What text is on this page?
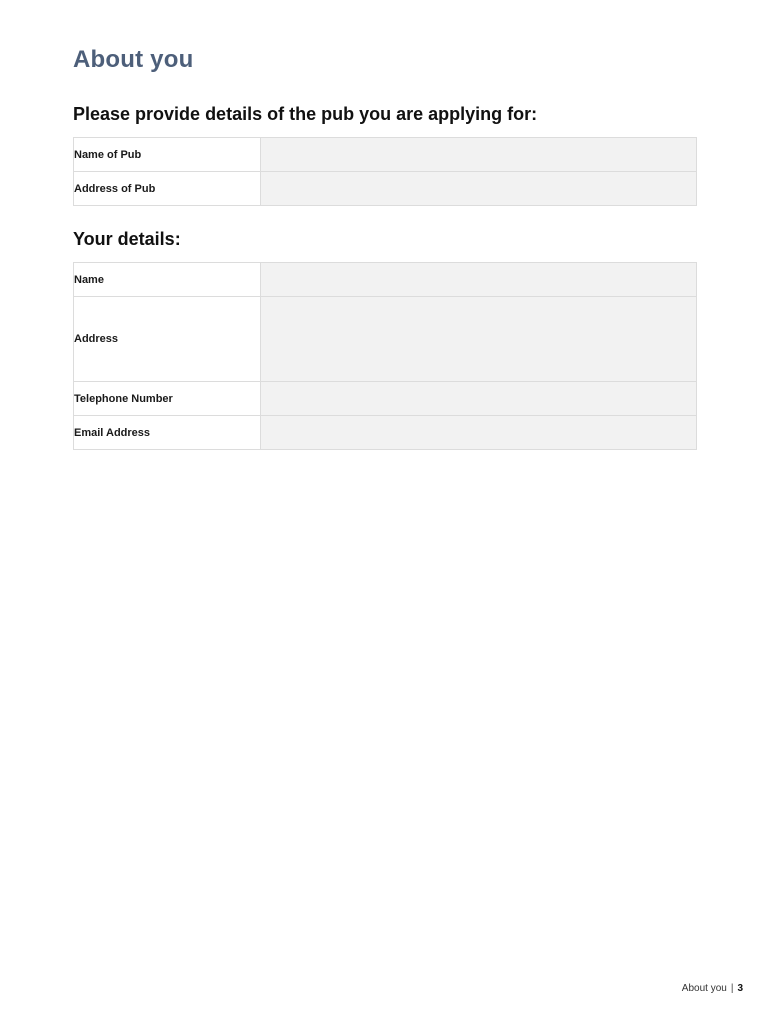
About you
Please provide details of the pub you are applying for:
Name of Pub	

Address of Pub	
Your details:
Name	

Address	

Telephone Number	

Email Address	
About you | 3
